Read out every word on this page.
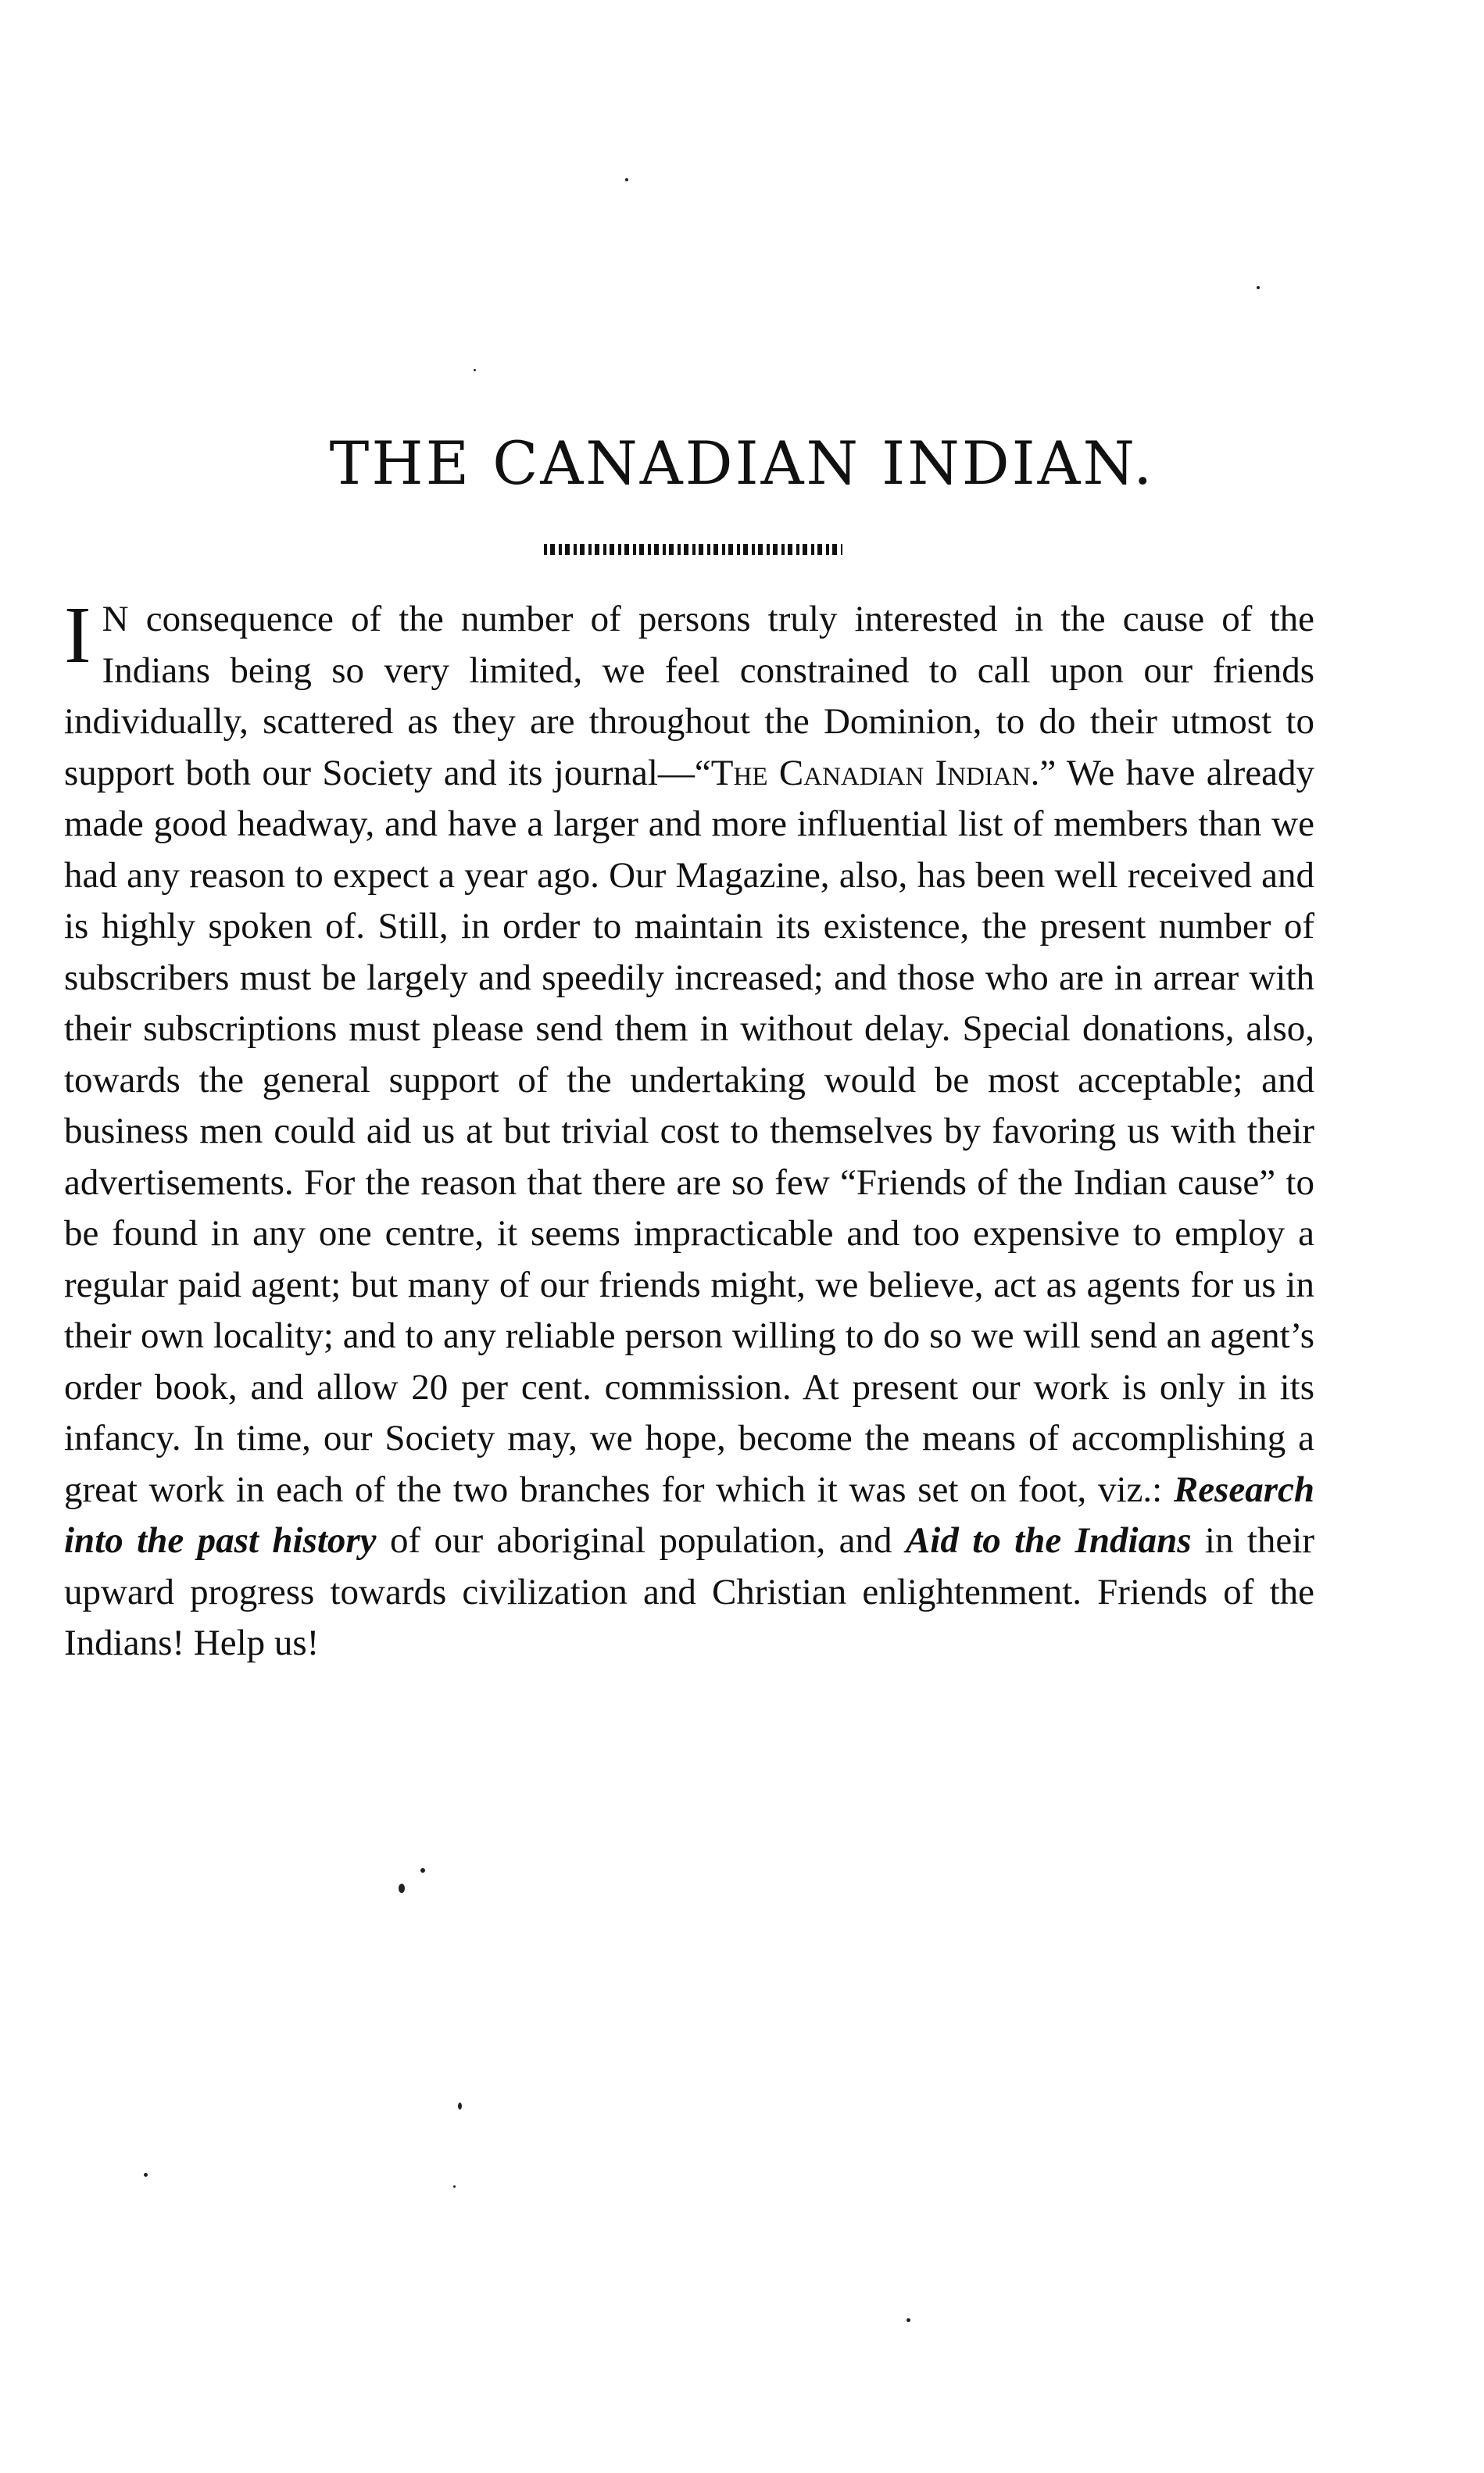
THE CANADIAN INDIAN.

I N consequence of the number of persons truly interested in the cause of the Indians being so very limited, we feel constrained to call upon our friends individually, scattered as they are throughout the Dominion, to do their utmost to support both our Society and its journal—“The Canadian Indian.” We have already made good headway, and have a larger and more influential list of members than we had any reason to expect a year ago. Our Magazine, also, has been well received and is highly spoken of. Still, in order to maintain its existence, the present number of subscribers must be largely and speedily increased; and those who are in arrear with their subscriptions must please send them in without delay. Special donations, also, towards the general support of the undertaking would be most acceptable; and business men could aid us at but trivial cost to themselves by favoring us with their advertisements. For the reason that there are so few “Friends of the Indian cause” to be found in any one centre, it seems impracticable and too expensive to employ a regular paid agent; but many of our friends might, we believe, act as agents for us in their own locality; and to any reliable person willing to do so we will send an agent’s order book, and allow 20 per cent. commission. At present our work is only in its infancy. In time, our Society may, we hope, become the means of accomplishing a great work in each of the two branches for which it was set on foot, viz.: Research into the past history of our aboriginal population, and Aid to the Indians in their upward progress towards civilization and Christian enlightenment. Friends of the Indians! Help us!
